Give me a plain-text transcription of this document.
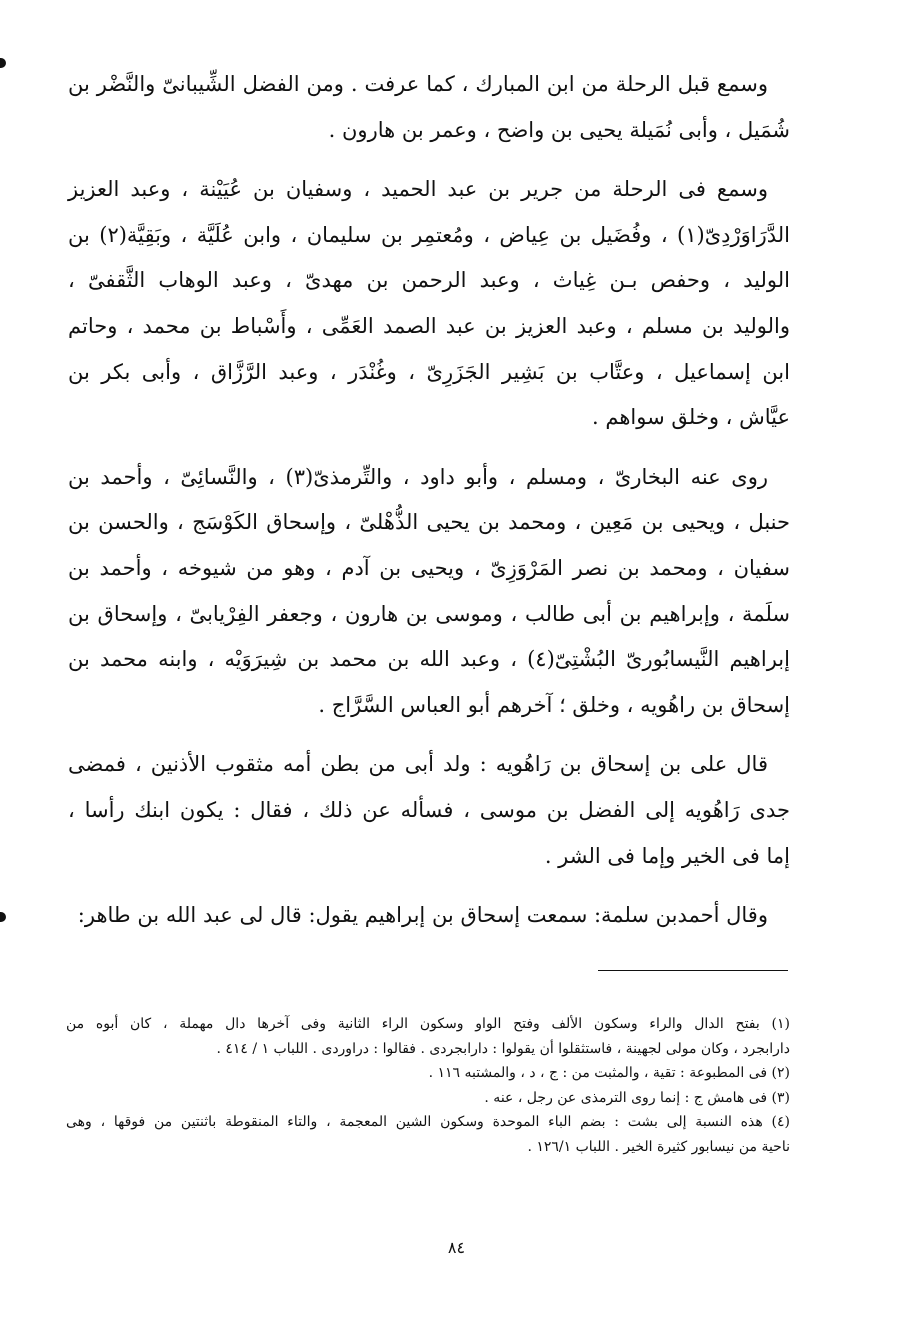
وسمع قبل الرحلة من ابن المبارك ، كما عرفت . ومن الفضل الشِّيبانىّ والنَّضْر بن
شُمَيل ، وأبى نُمَيلة يحيى بن واضح ، وعمر بن هارون .
وسمع فى الرحلة من جرير بن عبد الحميد ، وسفيان بن عُيَيْنة ، وعبد العزيز
الدَّرَاوَرْدِىّ(١) ، وفُضَيل بن عِياض ، ومُعتمِر بن سليمان ، وابن عُلَيَّة ، وبَقِيَّة(٢) بن
الوليد ، وحفص بـن غِياث ، وعبد الرحمن بن مهدىّ ، وعبد الوهاب الثَّقفىّ ،
والوليد بن مسلم ، وعبد العزيز بن عبد الصمد العَمِّى ، وأَسْباط بن محمد ، وحاتم
ابن إسماعيل ، وعتَّاب بن بَشِير الجَزَرِىّ ، وغُنْدَر ، وعبد الرَّزَّاق ، وأبى بكر بن
عيَّاش ، وخلق سواهم .
روى عنه البخارىّ ، ومسلم ، وأبو داود ، والتِّرمذىّ(٣) ، والنَّسائِىّ ، وأحمد بن
حنبل ، ويحيى بن مَعِين ، ومحمد بن يحيى الذُّهْلىّ ، وإسحاق الكَوْسَج ، والحسن بن
سفيان ، ومحمد بن نصر المَرْوَزِىّ ، ويحيى بن آدم ، وهو من شيوخه ، وأحمد بن
سلَمة ، وإبراهيم بن أبى طالب ، وموسى بن هارون ، وجعفر الفِرْيابىّ ، وإسحاق بن
إبراهيم النَّيسابُورىّ البُشْتِىّ(٤) ، وعبد الله بن محمد بن شِيرَوَيْه ، وابنه محمد بن
إسحاق بن راهُويه ، وخلق ؛ آخرهم أبو العباس السَّرَّاج .
قال على بن إسحاق بن رَاهُويه : ولد أبى من بطن أمه مثقوب الأذنين ، فمضى
جدى رَاهُويه إلى الفضل بن موسى ، فسأله عن ذلك ، فقال : يكون ابنك رأسا ،
إما فى الخير وإما فى الشر .
وقال أحمدبن سلمة: سمعت إسحاق بن إبراهيم يقول: قال لى عبد الله بن طاهر:
(١) بفتح الدال والراء وسكون الألف وفتح الواو وسكون الراء الثانية وفى آخرها دال مهملة ، كان أبوه من
دارابجرد ، وكان مولى لجهينة ، فاستثقلوا أن يقولوا : دارابجردى . فقالوا : دراوردى . اللباب ١ / ٤١٤ .
(٢) فى المطبوعة : تقية ، والمثبت من : ج ، د ، والمشتبه ١١٦ .
(٣) فى هامش ج : إنما روى الترمذى عن رجل ، عنه .
(٤) هذه النسبة إلى بشت : بضم الباء الموحدة وسكون الشين المعجمة ، والتاء المنقوطة باثنتين من فوقها ، وهى
ناحية من نيسابور كثيرة الخير . اللباب ١٢٦/١ .
٨٤
